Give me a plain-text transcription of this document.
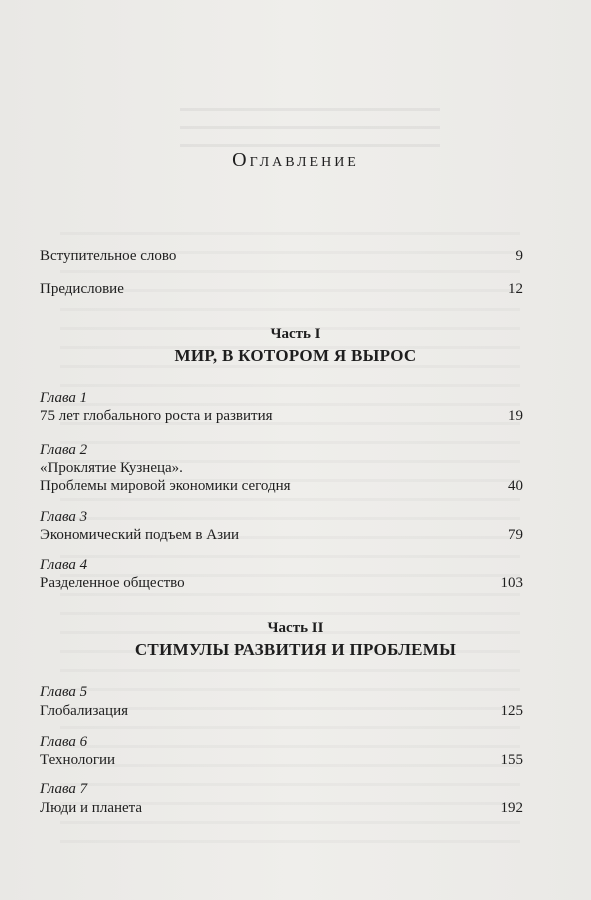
Оглавление
Вступительное слово	9
Предисловие	12
Часть I
МИР, В КОТОРОМ Я ВЫРОС
Глава 1
75 лет глобального роста и развития	19
Глава 2
«Проклятие Кузнеца».
Проблемы мировой экономики сегодня	40
Глава 3
Экономический подъем в Азии	79
Глава 4
Разделенное общество	103
Часть II
СТИМУЛЫ РАЗВИТИЯ И ПРОБЛЕМЫ
Глава 5
Глобализация	125
Глава 6
Технологии	155
Глава 7
Люди и планета	192
